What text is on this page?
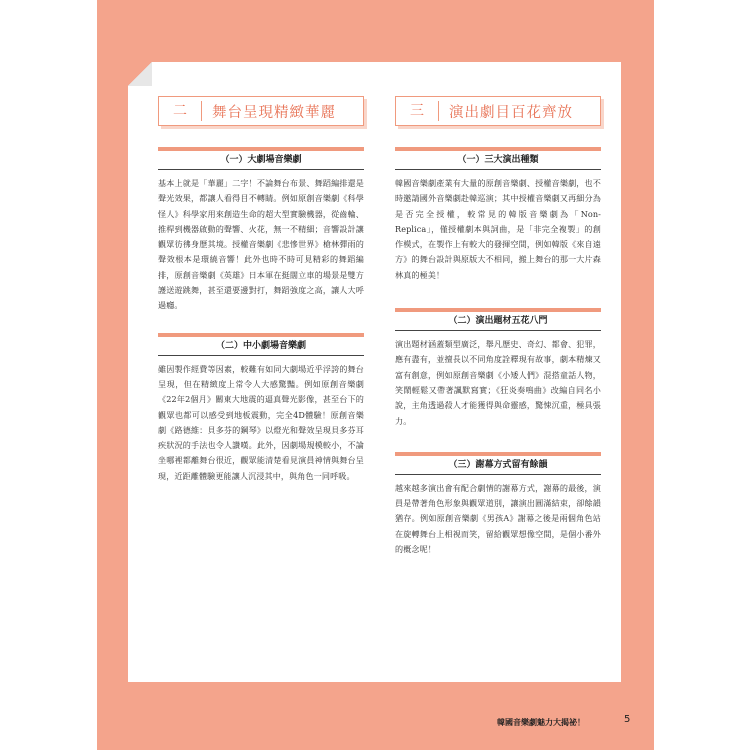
二	舞台呈現精緻華麗
（一）大劇場音樂劇

基本上就是「華麗」二字！不論舞台布景、舞蹈編排還是聲光效果，都讓人看得目不轉睛。例如原創音樂劇《科學怪人》科學家用來創造生命的超大型實驗機器，從齒輪、推桿到機器啟動的聲響、火花，無一不精細；音響設計讓觀眾彷彿身歷其境。授權音樂劇《悲慘世界》槍林彈雨的聲效根本是環繞音響！此外也時不時可見精彩的舞蹈編排，原創音樂劇《英雄》日本軍在挺闊立車的場景是雙方護送遊跳舞，甚至還要邊對打，舞蹈強度之高，讓人大呼過癮。

（二）中小劇場音樂劇

雖因製作經費等因素，較難有如同大劇場近乎浮誇的舞台呈現，但在精緻度上常令人大感驚豔。例如原創音樂劇《22年2個月》關東大地震的逼真聲光影像，甚至台下的觀眾也都可以感受到地板震動，完全4D體驗！原創音樂劇《路德維：貝多芬的鋼琴》以燈光和聲效呈現貝多芬耳疾狀況的手法也令人讚嘆。此外，因劇場規模較小，不論坐哪裡都離舞台很近，觀眾能清楚看見演員神情與舞台呈現，近距離體驗更能讓人沉浸其中，與角色一同呼吸。

三	演出劇目百花齊放
（一）三大演出種類

韓國音樂劇產業有大量的原創音樂劇、授權音樂劇，也不時邀請國外音樂劇赴韓巡演；其中授權音樂劇又再細分為是否完全授權，較常見的韓版音樂劇為「Non-Replica」，僅授權劇本與詞曲，是「非完全複製」的創作模式，在製作上有較大的發揮空間，例如韓版《來自遠方》的舞台設計與原版大不相同，搬上舞台的那一大片森林真的極美！

（二）演出題材五花八門

演出題材涵蓋類型廣泛，舉凡歷史、奇幻、都會、犯罪，應有盡有，並擅長以不同角度詮釋現有故事，劇本精煉又富有創意，例如原創音樂劇《小矮人們》混搭童話人物，笑鬧輕鬆又帶著諷默寫實；《狂炎奏鳴曲》改編自同名小說，主角透過殺人才能獲得與命靈感，驚悚沉重，極具張力。

（三）謝幕方式留有餘韻

越來越多演出會有配合劇情的謝幕方式，謝幕的最後，演員是帶著角色形象與觀眾道別，讓演出圓滿結束，卻餘韻猶存。例如原創音樂劇《男孩A》謝幕之後是兩個角色站在旋轉舞台上相視而笑，留給觀眾想像空間，是個小番外的概念呢！

韓國音樂劇魅力大揭祕！	5
